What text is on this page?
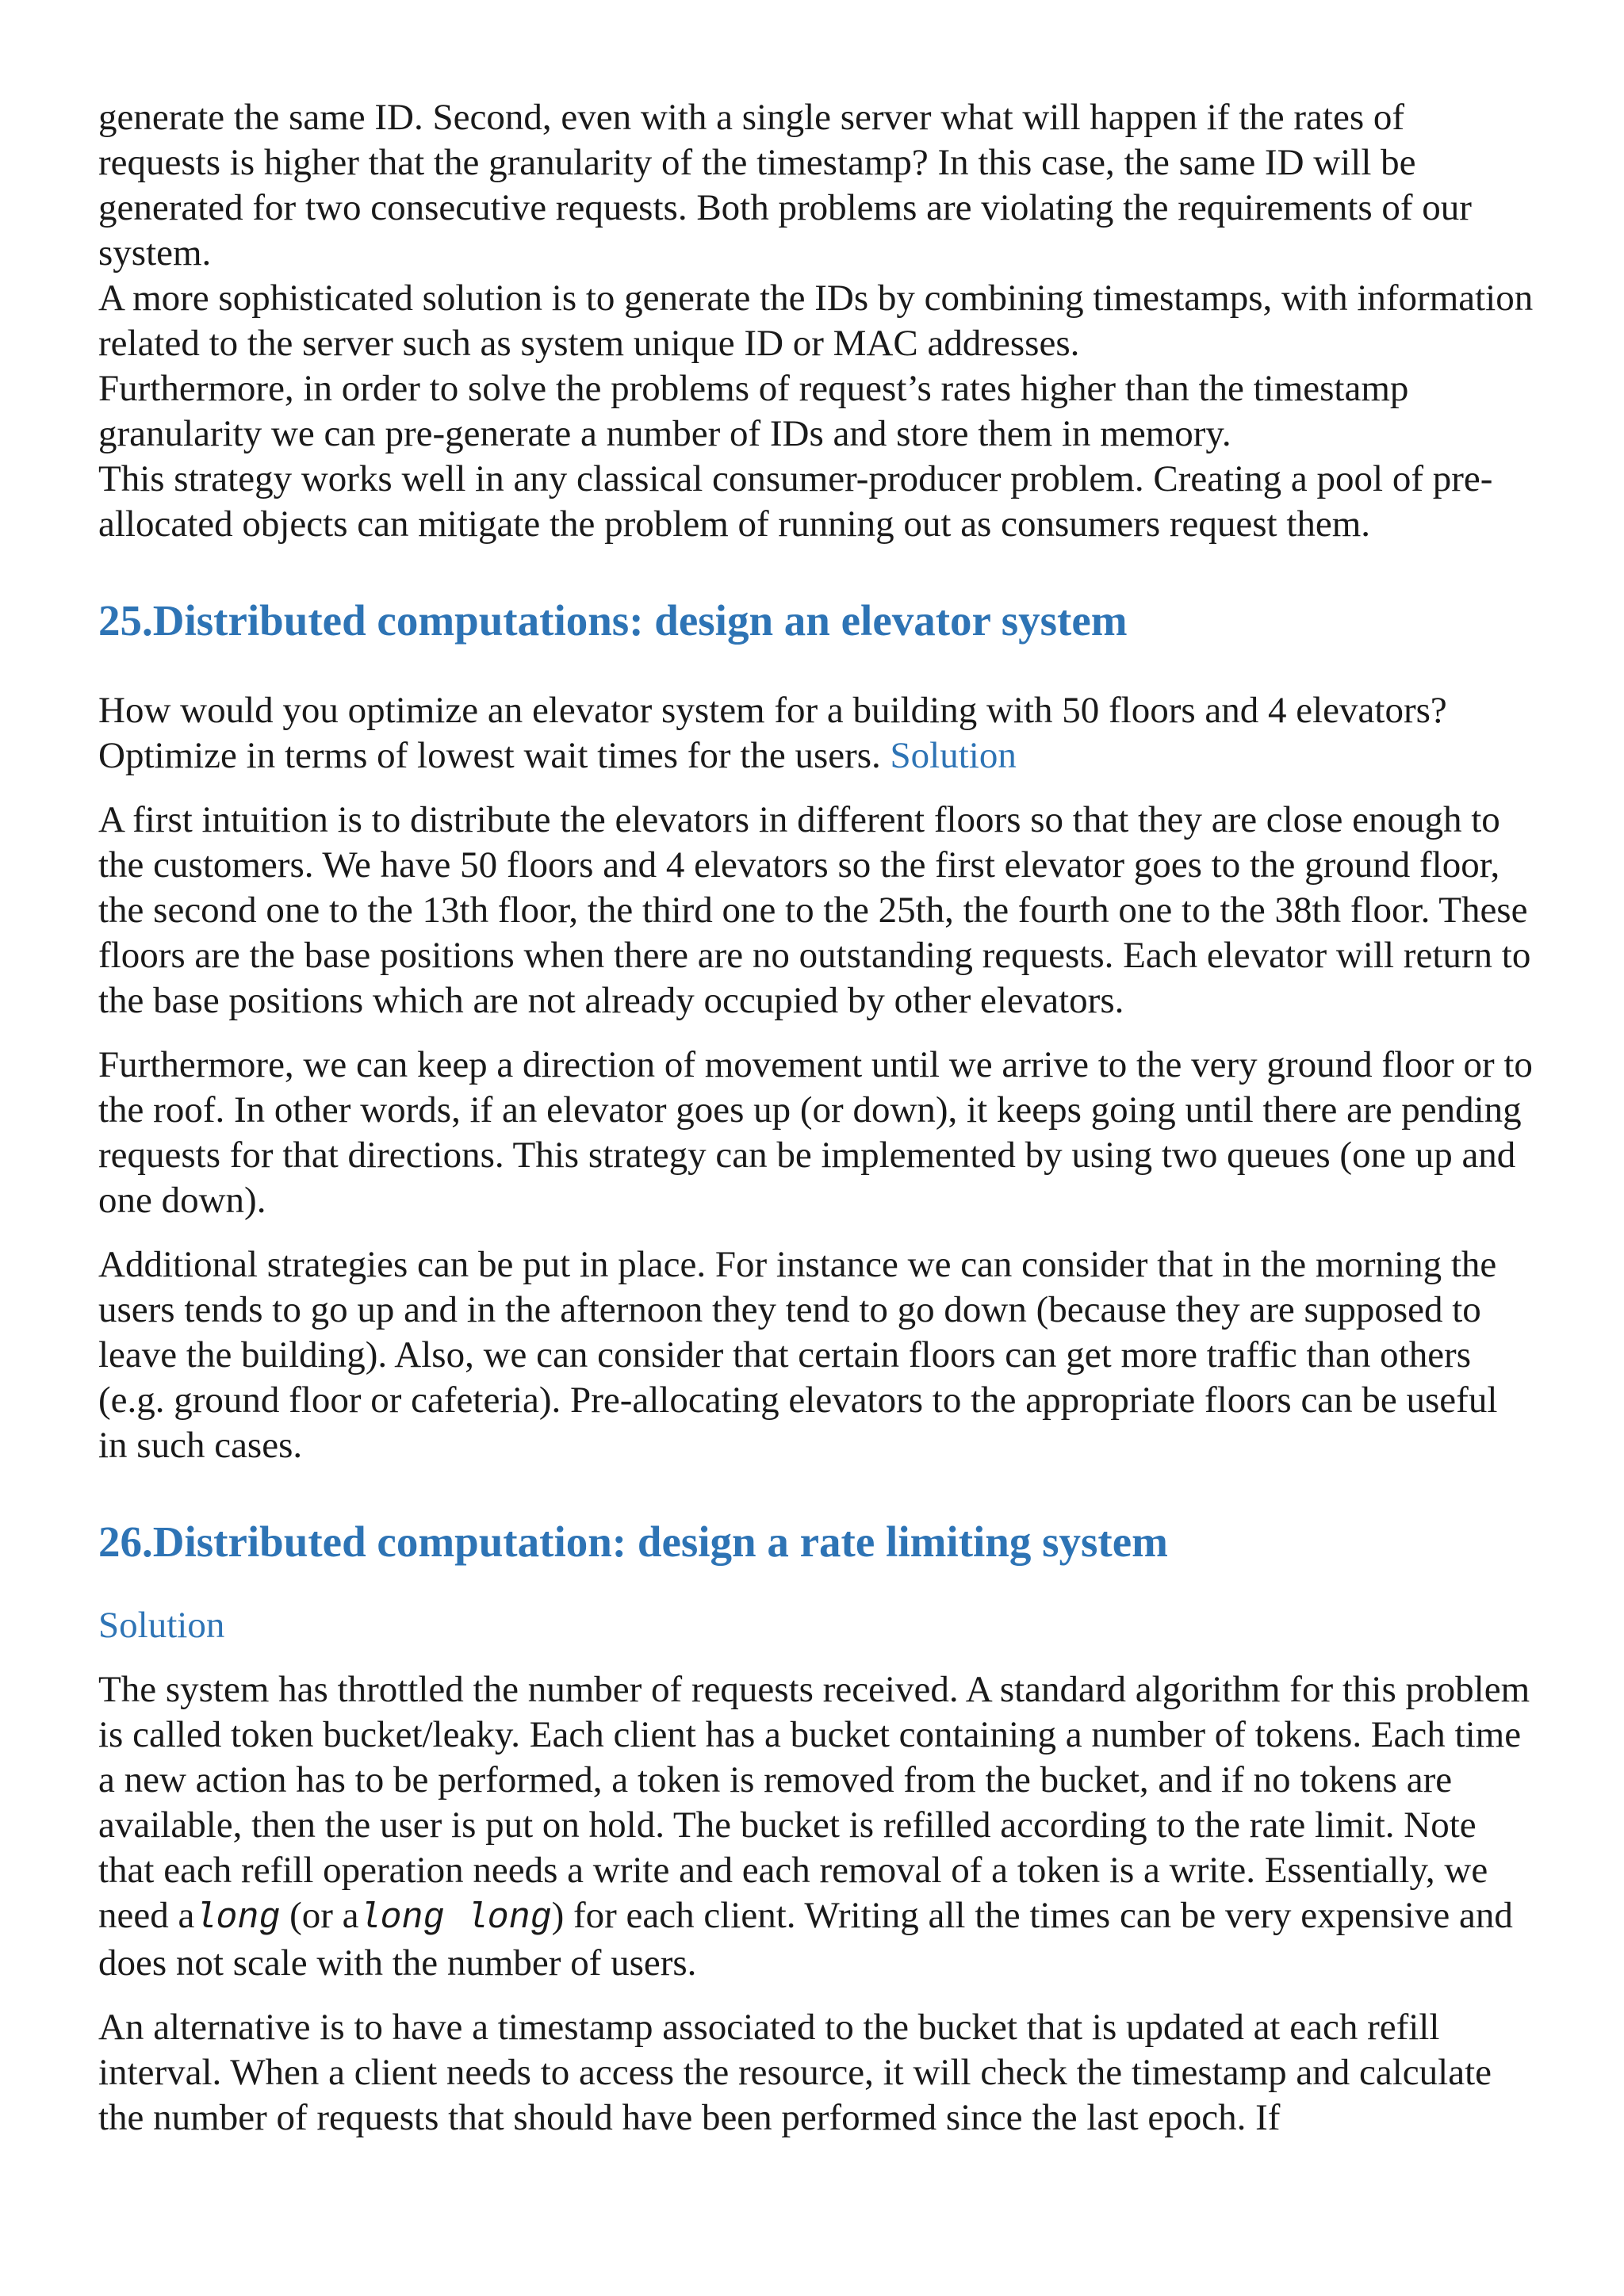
generate the same ID. Second, even with a single server what will happen if the rates of requests is higher that the granularity of the timestamp? In this case, the same ID will be generated for two consecutive requests. Both problems are violating the requirements of our system.

A more sophisticated solution is to generate the IDs by combining timestamps, with information related to the server such as system unique ID or MAC addresses.

Furthermore, in order to solve the problems of request’s rates higher than the timestamp granularity we can pre-generate a number of IDs and store them in memory.

This strategy works well in any classical consumer-producer problem. Creating a pool of pre-allocated objects can mitigate the problem of running out as consumers request them.

25.Distributed computations: design an elevator system

How would you optimize an elevator system for a building with 50 floors and 4 elevators? Optimize in terms of lowest wait times for the users. Solution

A first intuition is to distribute the elevators in different floors so that they are close enough to the customers. We have 50 floors and 4 elevators so the first elevator goes to the ground floor, the second one to the 13th floor, the third one to the 25th, the fourth one to the 38th floor. These floors are the base positions when there are no outstanding requests. Each elevator will return to the base positions which are not already occupied by other elevators.

Furthermore, we can keep a direction of movement until we arrive to the very ground floor or to the roof. In other words, if an elevator goes up (or down), it keeps going until there are pending requests for that directions. This strategy can be implemented by using two queues (one up and one down).

Additional strategies can be put in place. For instance we can consider that in the morning the users tends to go up and in the afternoon they tend to go down (because they are supposed to leave the building). Also, we can consider that certain floors can get more traffic than others (e.g. ground floor or cafeteria). Pre-allocating elevators to the appropriate floors can be useful in such cases.

26.Distributed computation: design a rate limiting system

Solution

The system has throttled the number of requests received. A standard algorithm for this problem is called token bucket/leaky. Each client has a bucket containing a number of tokens. Each time a new action has to be performed, a token is removed from the bucket, and if no tokens are available, then the user is put on hold. The bucket is refilled according to the rate limit. Note that each refill operation needs a write and each removal of a token is a write. Essentially, we need along (or along long) for each client. Writing all the times can be very expensive and does not scale with the number of users.

An alternative is to have a timestamp associated to the bucket that is updated at each refill interval. When a client needs to access the resource, it will check the timestamp and calculate the number of requests that should have been performed since the last epoch. If
